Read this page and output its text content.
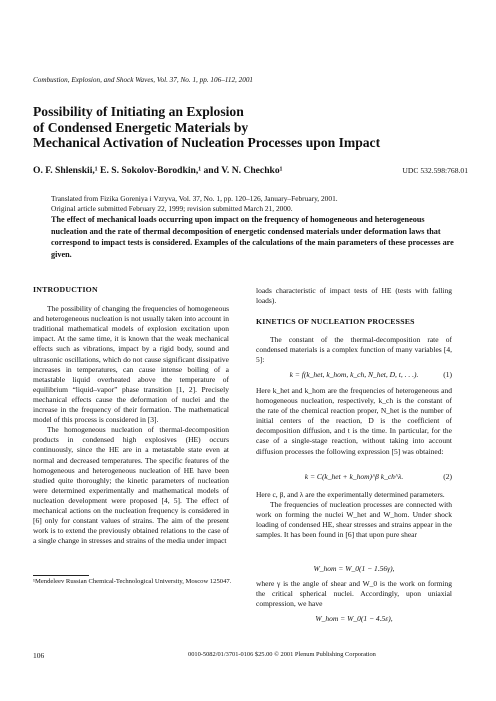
Combustion, Explosion, and Shock Waves, Vol. 37, No. 1, pp. 106–112, 2001
Possibility of Initiating an Explosion
of Condensed Energetic Materials by
Mechanical Activation of Nucleation Processes upon Impact
O. F. Shlenskii,¹ E. S. Sokolov-Borodkin,¹ and V. N. Chechko¹	UDC 532.598:768.01
Translated from Fizika Goreniya i Vzryva, Vol. 37, No. 1, pp. 120–126, January–February, 2001.
Original article submitted February 22, 1999; revision submitted March 21, 2000.
The effect of mechanical loads occurring upon impact on the frequency of homogeneous and heterogeneous nucleation and the rate of thermal decomposition of energetic condensed materials under deformation laws that correspond to impact tests is considered. Examples of the calculations of the main parameters of these processes are given.
INTRODUCTION

The possibility of changing the frequencies of homogeneous and heterogeneous nucleation is not usually taken into account in traditional mathematical models of explosion excitation upon impact. At the same time, it is known that the weak mechanical effects such as vibrations, impact by a rigid body, sound and ultrasonic oscillations, which do not cause significant dissipative increases in temperatures, can cause intense boiling of a metastable liquid overheated above the temperature of equilibrium “liquid–vapor” phase transition [1, 2]. Precisely mechanical effects cause the deformation of nuclei and the increase in the frequency of their formation. The mathematical model of this process is considered in [3].

The homogeneous nucleation of thermal-decomposition products in condensed high explosives (HE) occurs continuously, since the HE are in a metastable state even at normal and decreased temperatures. The specific features of the homogeneous and heterogeneous nucleation of HE have been studied quite thoroughly; the kinetic parameters of nucleation were determined experimentally and mathematical models of nucleation development were proposed [4, 5]. The effect of mechanical actions on the nucleation frequency is considered in [6] only for constant values of strains. The aim of the present work is to extend the previously obtained relations to the case of a single change in stresses and strains of the media under impact

¹Mendeleev Russian Chemical-Technological University, Moscow 125047.

loads characteristic of impact tests of HE (tests with falling loads).

KINETICS OF NUCLEATION PROCESSES

The constant of the thermal-decomposition rate of condensed materials is a complex function of many variables [4, 5]:

k = f(k_het, k_hom, k_ch, N_het, D, t, . . .).	(1)

Here k_het and k_hom are the frequencies of heterogeneous and homogeneous nucleation, respectively, k_ch is the constant of the rate of the chemical reaction proper, N_het is the number of initial centers of the reaction, D is the coefficient of decomposition diffusion, and t is the time. In particular, for the case of a single-stage reaction, without taking into account diffusion processes the following expression [5] was obtained:

k = C(k_het + k_hom)^β k_ch^λ.	(2)

Here c, β, and λ are the experimentally determined parameters.

The frequencies of nucleation processes are connected with work on forming the nuclei W_het and W_hom. Under shock loading of condensed HE, shear stresses and strains appear in the samples. It has been found in [6] that upon pure shear

W_hom = W_0(1 − 1.56γ),

where γ is the angle of shear and W_0 is the work on forming the critical spherical nuclei. Accordingly, upon uniaxial compression, we have

W_hom = W_0(1 − 4.5ε),
106	0010-5082/01/3701-0106 $25.00 © 2001 Plenum Publishing Corporation
